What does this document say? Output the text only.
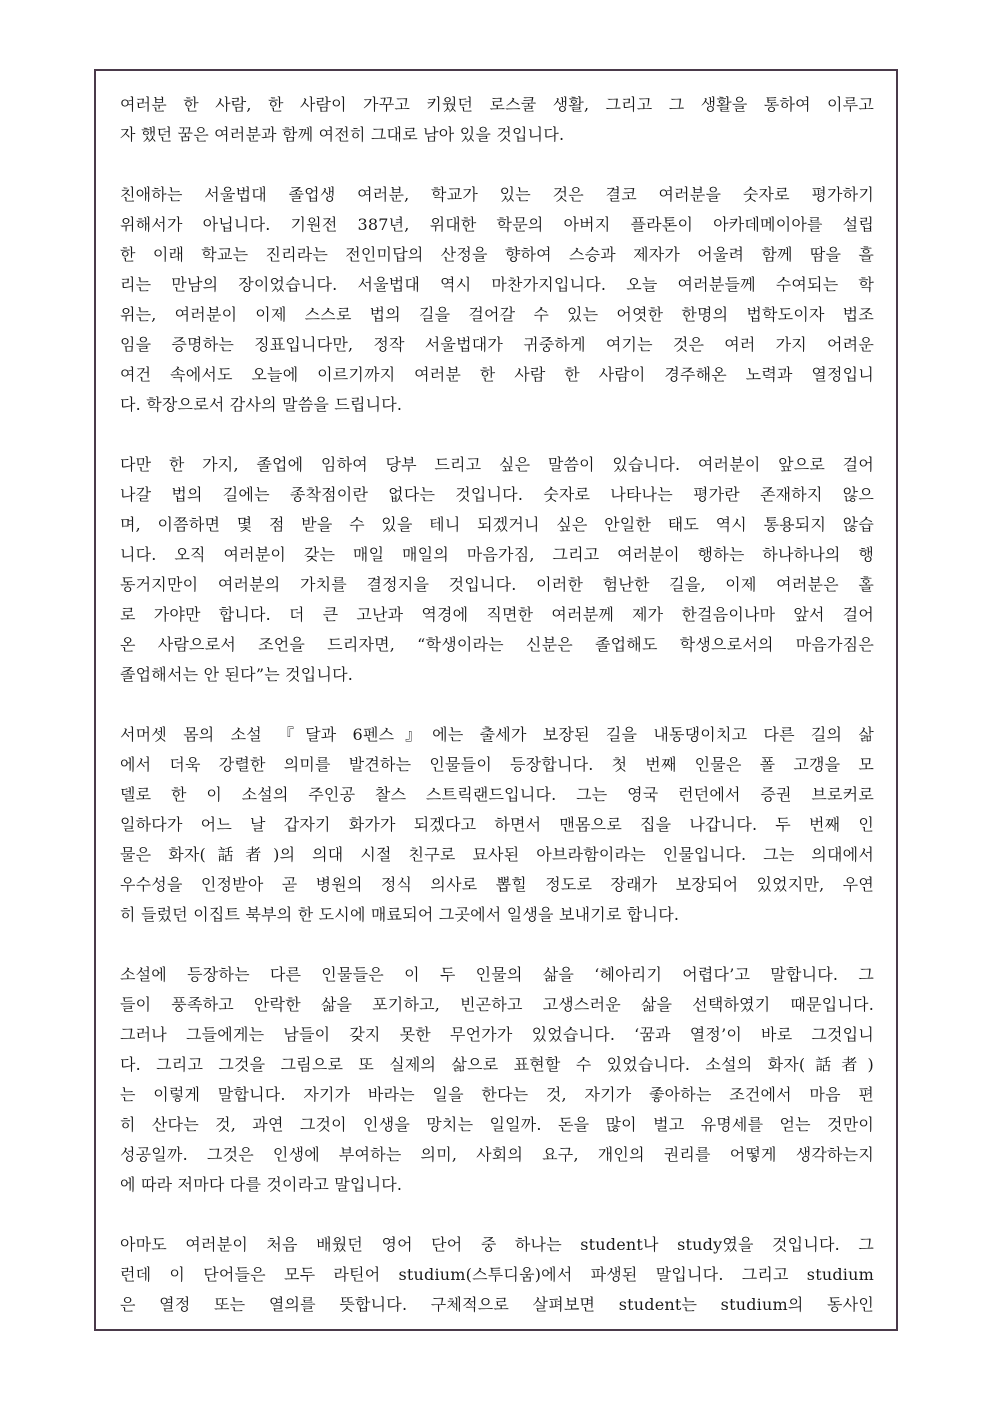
여러분 한 사람, 한 사람이 가꾸고 키웠던 로스쿨 생활, 그리고 그 생활을 통하여 이루고
자 했던 꿈은 여러분과 함께 여전히 그대로 남아 있을 것입니다.
친애하는 서울법대 졸업생 여러분, 학교가 있는 것은 결코 여러분을 숫자로 평가하기
위해서가 아닙니다. 기원전 387년, 위대한 학문의 아버지 플라톤이 아카데메이아를 설립
한 이래 학교는 진리라는 전인미답의 산정을 향하여 스승과 제자가 어울려 함께 땀을 흘
리는 만남의 장이었습니다. 서울법대 역시 마찬가지입니다. 오늘 여러분들께 수여되는 학
위는, 여러분이 이제 스스로 법의 길을 걸어갈 수 있는 어엿한 한명의 법학도이자 법조
임을 증명하는 징표입니다만, 정작 서울법대가 귀중하게 여기는 것은 여러 가지 어려운
여건 속에서도 오늘에 이르기까지 여러분 한 사람 한 사람이 경주해온 노력과 열정입니
다. 학장으로서 감사의 말씀을 드립니다.
다만 한 가지, 졸업에 임하여 당부 드리고 싶은 말씀이 있습니다. 여러분이 앞으로 걸어
나갈 법의 길에는 종착점이란 없다는 것입니다. 숫자로 나타나는 평가란 존재하지 않으
며, 이쯤하면 몇 점 받을 수 있을 테니 되겠거니 싶은 안일한 태도 역시 통용되지 않습
니다. 오직 여러분이 갖는 매일 매일의 마음가짐, 그리고 여러분이 행하는 하나하나의 행
동거지만이 여러분의 가치를 결정지을 것입니다. 이러한 험난한 길을, 이제 여러분은 홀
로 가야만 합니다. 더 큰 고난과 역경에 직면한 여러분께 제가 한걸음이나마 앞서 걸어
온 사람으로서 조언을 드리자면, “학생이라는 신분은 졸업해도 학생으로서의 마음가짐은
졸업해서는 안 된다”는 것입니다.
서머셋 몸의 소설 『달과 6펜스』에는 출세가 보장된 길을 내동댕이치고 다른 길의 삶
에서 더욱 강렬한 의미를 발견하는 인물들이 등장합니다. 첫 번째 인물은 폴 고갱을 모
델로 한 이 소설의 주인공 찰스 스트릭랜드입니다. 그는 영국 런던에서 증권 브로커로
일하다가 어느 날 갑자기 화가가 되겠다고 하면서 맨몸으로 집을 나갑니다. 두 번째 인
물은 화자(話者)의 의대 시절 친구로 묘사된 아브라함이라는 인물입니다. 그는 의대에서
우수성을 인정받아 곧 병원의 정식 의사로 뽑힐 정도로 장래가 보장되어 있었지만, 우연
히 들렀던 이집트 북부의 한 도시에 매료되어 그곳에서 일생을 보내기로 합니다.
소설에 등장하는 다른 인물들은 이 두 인물의 삶을 ‘헤아리기 어렵다’고 말합니다. 그
들이 풍족하고 안락한 삶을 포기하고, 빈곤하고 고생스러운 삶을 선택하였기 때문입니다.
그러나 그들에게는 남들이 갖지 못한 무언가가 있었습니다. ‘꿈과 열정’이 바로 그것입니
다. 그리고 그것을 그림으로 또 실제의 삶으로 표현할 수 있었습니다. 소설의 화자(話者)
는 이렇게 말합니다. 자기가 바라는 일을 한다는 것, 자기가 좋아하는 조건에서 마음 편
히 산다는 것, 과연 그것이 인생을 망치는 일일까. 돈을 많이 벌고 유명세를 얻는 것만이
성공일까. 그것은 인생에 부여하는 의미, 사회의 요구, 개인의 권리를 어떻게 생각하는지
에 따라 저마다 다를 것이라고 말입니다.
아마도 여러분이 처음 배웠던 영어 단어 중 하나는 student나 study였을 것입니다. 그
런데 이 단어들은 모두 라틴어 studium(스투디움)에서 파생된 말입니다. 그리고 studium
은 열정 또는 열의를 뜻합니다. 구체적으로 살펴보면 student는 studium의 동사인
